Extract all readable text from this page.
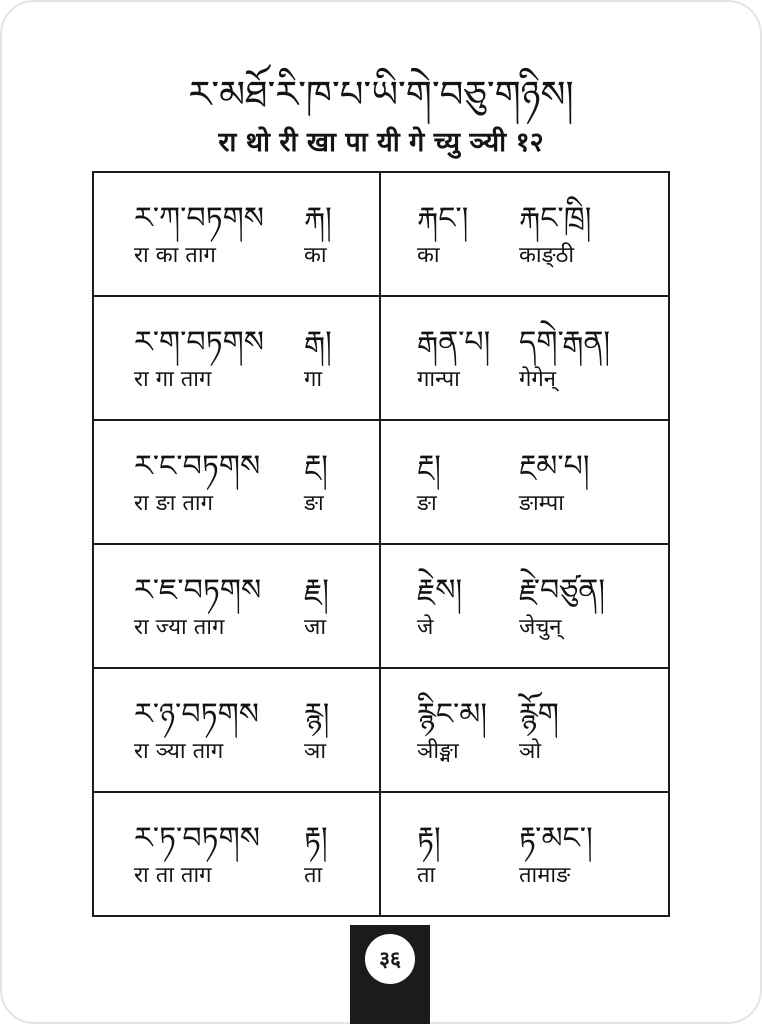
ར་མཐོ་རི་ཁ་པ་ཡི་གེ་བཅུ་གཉིས།
रा थो री खा पा यी गे च्यु ञ्यी १२
ར་ཀ་བཏགས
रा का ताग
རྐ།
का
རྐང་།
का
རྐང་ཁྲི།
काङ्ठी
ར་ག་བཏགས
रा गा ताग
རྒ།
गा
རྒན་པ།
गान्पा
དགེ་རྒན།
गेगेन्
ར་ང་བཏགས
रा ङा ताग
རྔ།
ङा
རྔ།
ङा
རྔམ་པ།
ङाम्पा
ར་ཇ་བཏགས
रा ज्या ताग
རྗ།
जा
རྗེས།
जे
རྗེ་བཙུན།
जेचुन्
ར་ཉ་བཏགས
रा ञ्या ताग
རྙ།
ञा
རྙིང་མ།
ञीङ्मा
རྙོག
ञो
ར་ཏ་བཏགས
रा ता ताग
རྟ།
ता
རྟ།
ता
རྟ་མང་།
तामाङ
३६
